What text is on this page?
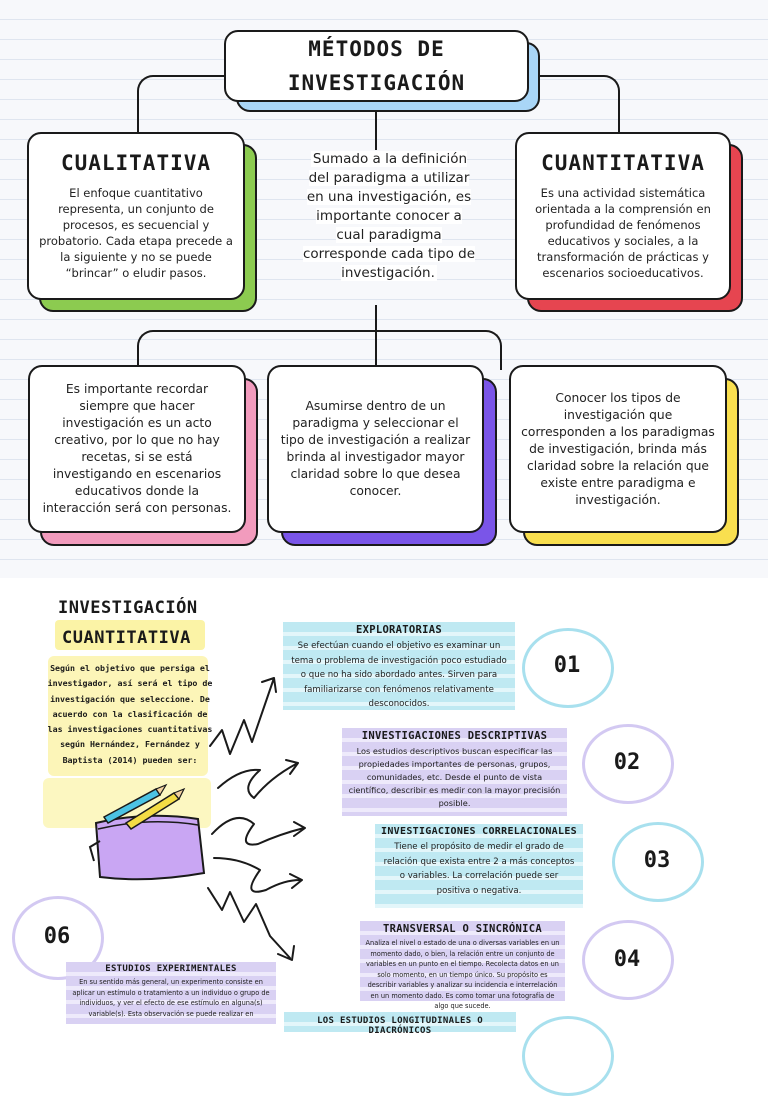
MÉTODOS DE
INVESTIGACIÓN
CUALITATIVA
El enfoque cuantitativo representa, un conjunto de procesos, es secuencial y probatorio. Cada etapa precede a la siguiente y no se puede “brincar” o eludir pasos.
Sumado a la definición del paradigma a utilizar en una investigación, es importante conocer a cual paradigma corresponde cada tipo de investigación.
CUANTITATIVA
Es una actividad sistemática orientada a la comprensión en profundidad de fenómenos educativos y sociales, a la transformación de prácticas y escenarios socioeducativos.
Es importante recordar siempre que hacer investigación es un acto creativo, por lo que no hay recetas, si se está investigando en escenarios educativos donde la interacción será con personas.
Asumirse dentro de un paradigma y seleccionar el tipo de investigación a realizar brinda al investigador mayor claridad sobre lo que desea conocer.
Conocer los tipos de investigación que corresponden a los paradigmas de investigación, brinda más claridad sobre la relación que existe entre paradigma e investigación.
INVESTIGACIÓN
CUANTITATIVA
Según el objetivo que persiga el investigador, así será el tipo de investigación que seleccione. De acuerdo con la clasificación de las investigaciones cuantitativas según Hernández, Fernández y Baptista (2014) pueden ser:
EXPLORATORIAS
Se efectúan cuando el objetivo es examinar un tema o problema de investigación poco estudiado o que no ha sido abordado antes. Sirven para familiarizarse con fenómenos relativamente desconocidos.
01
INVESTIGACIONES DESCRIPTIVAS
Los estudios descriptivos buscan especificar las propiedades importantes de personas, grupos, comunidades, etc. Desde el punto de vista científico, describir es medir con la mayor precisión posible.
02
INVESTIGACIONES CORRELACIONALES
Tiene el propósito de medir el grado de relación que exista entre 2 a más conceptos o variables. La correlación puede ser positiva o negativa.
03
TRANSVERSAL O SINCRÓNICA
Analiza el nivel o estado de una o diversas variables en un momento dado, o bien, la relación entre un conjunto de variables en un punto en el tiempo. Recolecta datos en un solo momento, en un tiempo único. Su propósito es describir variables y analizar su incidencia e interrelación en un momento dado. Es como tomar una fotografía de algo que sucede.
04
06
ESTUDIOS EXPERIMENTALES
En su sentido más general, un experimento consiste en aplicar un estímulo o tratamiento a un individuo o grupo de individuos, y ver el efecto de ese estímulo en alguna(s) variable(s). Esta observación se puede realizar en
LOS ESTUDIOS LONGITUDINALES O DIACRÓNICOS
